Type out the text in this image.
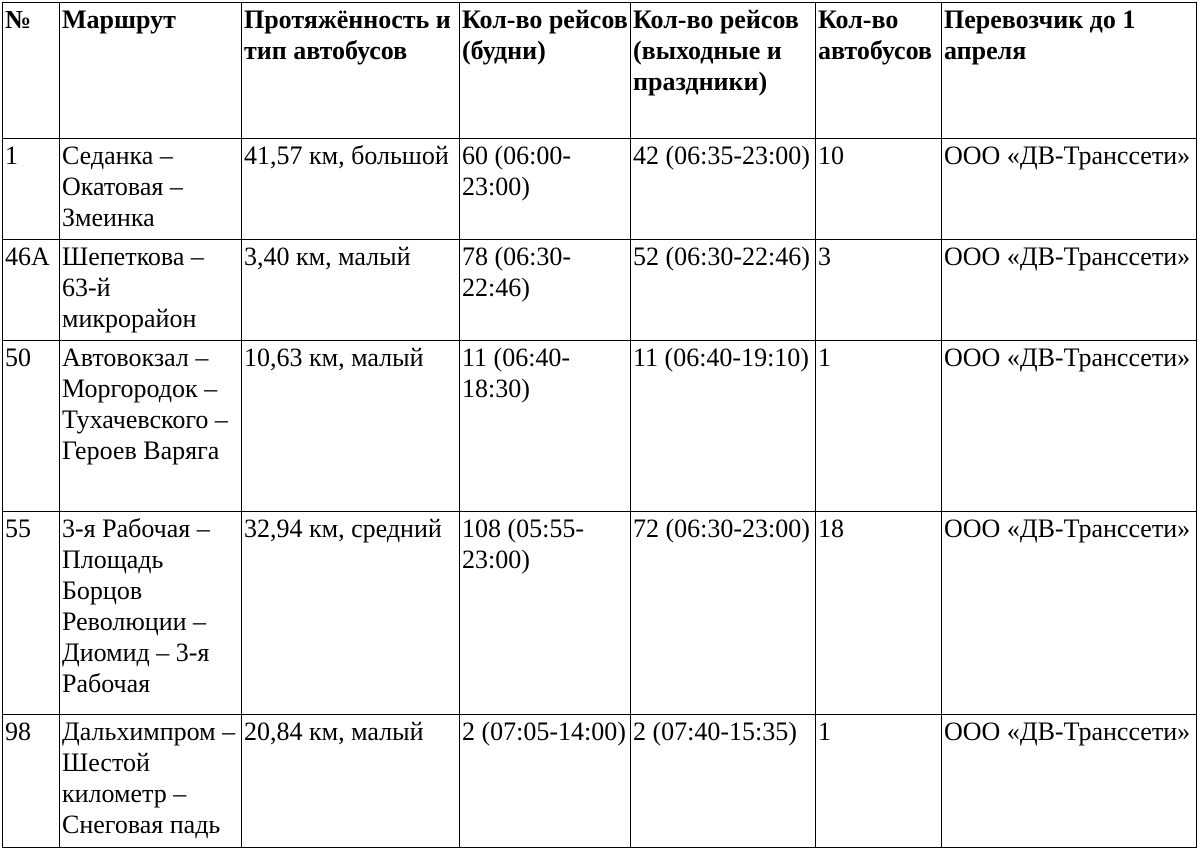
№	Маршрут	Протяжённость и тип автобусов	Кол-во рейсов (будни)	Кол-во рейсов (выходные и праздники)	Кол-во автобусов	Перевозчик до 1 апреля
1	Седанка – Окатовая – Змеинка	41,57 км, большой	60 (06:00-23:00)	42 (06:35-23:00)	10	ООО «ДВ-Транссети»
46А	Шепеткова – 63-й микрорайон	3,40 км, малый	78 (06:30-22:46)	52 (06:30-22:46)	3	ООО «ДВ-Транссети»
50	Автовокзал – Моргородок – Тухачевского – Героев Варяга	10,63 км, малый	11 (06:40-18:30)	11 (06:40-19:10)	1	ООО «ДВ-Транссети»
55	3-я Рабочая – Площадь Борцов Революции – Диомид – 3-я Рабочая	32,94 км, средний	108 (05:55-23:00)	72 (06:30-23:00)	18	ООО «ДВ-Транссети»
98	Дальхимпром – Шестой километр – Снеговая падь	20,84 км, малый	2 (07:05-14:00)	2 (07:40-15:35)	1	ООО «ДВ-Транссети»
